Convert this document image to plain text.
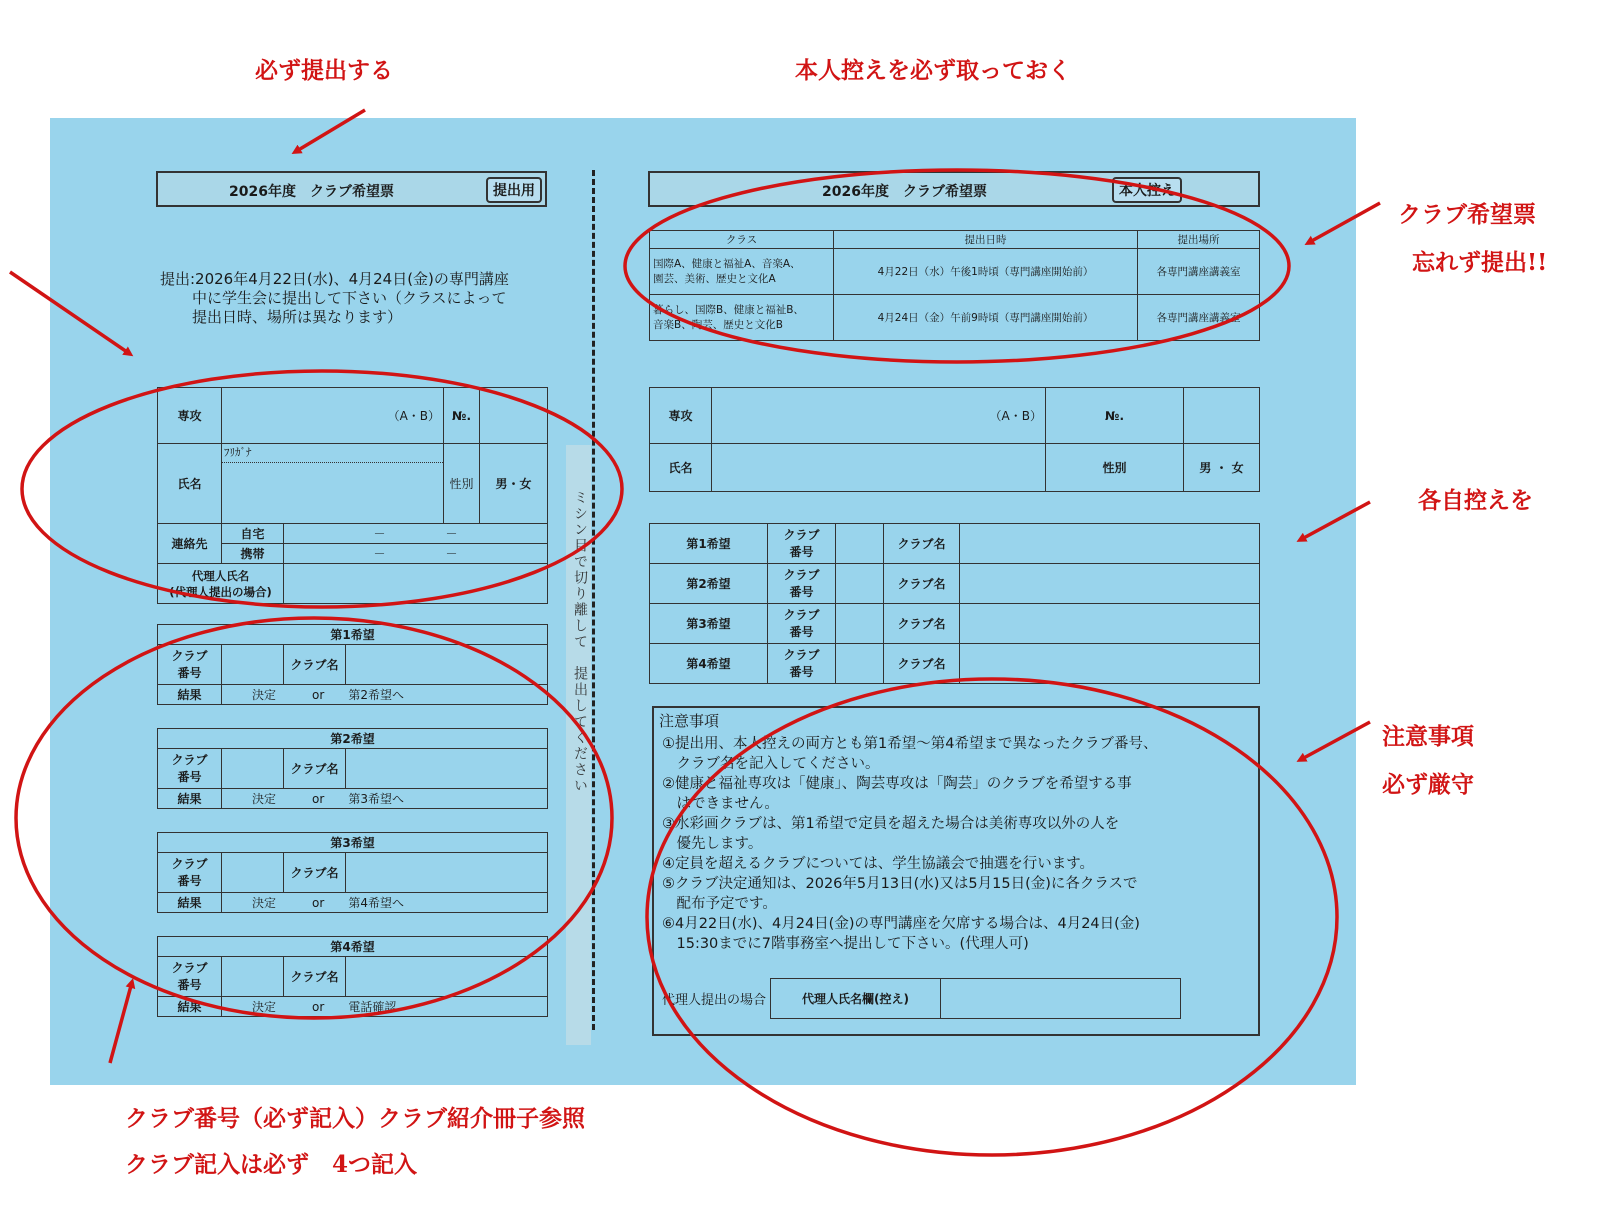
必ず提出する	本人控えを必ず取っておく
クラブ希望票
忘れず提出!!
各自控えを
注意事項
必ず厳守
クラブ番号（必ず記入）クラブ紹介冊子参照
クラブ記入は必ず　4つ記入
ミシン目で切り離して　提出してください
2026年度　クラブ希望票	提出用
提出:2026年4月22日(水)、4月24日(金)の専門講座
中に学生会に提出して下さい（クラスによって
提出日時、場所は異なります）
専攻	（A・B）		№.	
氏名	ﾌﾘｶﾞﾅ		性別	男・女
連絡先	自宅	－　　　　　 －		
	携帯	－　　　　　 －		
代理人氏名
(代理人提出の場合)				
第1希望			
クラブ
番号		クラブ名	
結果	決定　　　 or　　 第2希望へ		
第2希望			
クラブ
番号		クラブ名	
結果	決定　　　 or　　 第3希望へ		
第3希望			
クラブ
番号		クラブ名	
結果	決定　　　 or　　 第4希望へ		
第4希望			
クラブ
番号		クラブ名	
結果	決定　　　 or　　 電話確認		
2026年度　クラブ希望票	本人控え
クラス	提出日時	提出場所
国際A、健康と福祉A、音楽A、
園芸、美術、歴史と文化A	4月22日（水）午後1時頃（専門講座開始前）	各専門講座講義室
暮らし、国際B、健康と福祉B、
音楽B、陶芸、歴史と文化B	4月24日（金）午前9時頃（専門講座開始前）	各専門講座講義室
専攻	（A・B）	№.	
氏名		性別	男 ・ 女
第1希望	クラブ
番号		クラブ名	
第2希望	クラブ
番号		クラブ名	
第3希望	クラブ
番号		クラブ名	
第4希望	クラブ
番号		クラブ名	
注意事項
①提出用、本人控えの両方とも第1希望～第4希望まで異なったクラブ番号、
　クラブ名を記入してください。
②健康と福祉専攻は「健康」、陶芸専攻は「陶芸」のクラブを希望する事
　はできません。
③水彩画クラブは、第1希望で定員を超えた場合は美術専攻以外の人を
　優先します。
④定員を超えるクラブについては、学生協議会で抽選を行います。
⑤クラブ決定通知は、2026年5月13日(水)又は5月15日(金)に各クラスで
　配布予定です。
⑥4月22日(水)、4月24日(金)の専門講座を欠席する場合は、4月24日(金)
　15:30までに7階事務室へ提出して下さい。(代理人可)
代理人提出の場合	代理人氏名欄(控え)	
